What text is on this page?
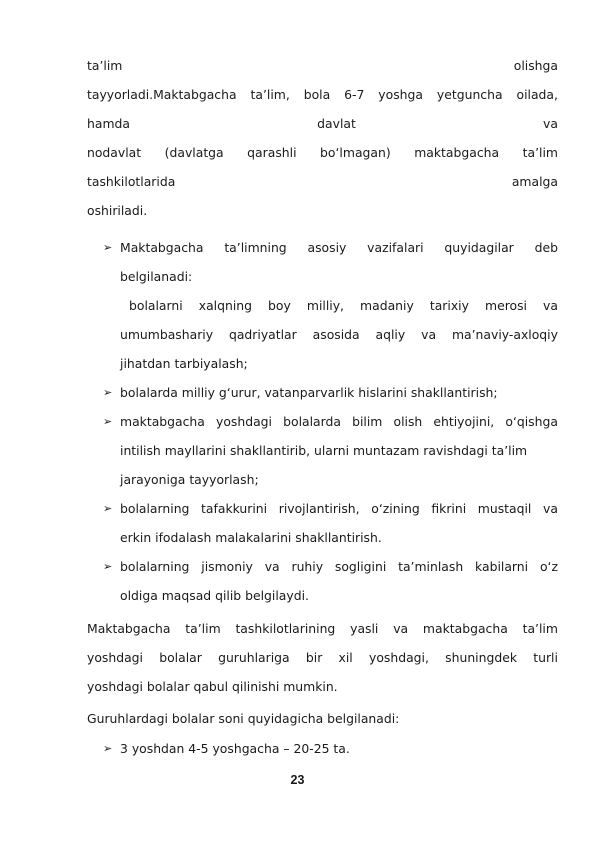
ta’lim	olishga
tayyorladi.Maktabgacha ta’lim, bola 6-7 yoshga yetguncha oilada,
hamda	davlat	va
nodavlat (davlatga qarashli bo‘lmagan) maktabgacha ta’lim
tashkilotlarida	amalga
oshiriladi.
➢ Maktabgacha ta’limning asosiy vazifalari quyidagilar deb
belgilanadi:
bolalarni xalqning boy milliy, madaniy tarixiy merosi va
umumbashariy qadriyatlar asosida aqliy va ma’naviy-axloqiy
jihatdan tarbiyalash;
➢ bolalarda milliy g‘urur, vatanparvarlik hislarini shakllantirish;
➢ maktabgacha yoshdagi bolalarda bilim olish ehtiyojini, o‘qishga
intilish mayllarini shakllantirib, ularni muntazam ravishdagi ta’lim
jarayoniga tayyorlash;
➢ bolalarning tafakkurini rivojlantirish, o‘zining fikrini mustaqil va
erkin ifodalash malakalarini shakllantirish.
➢ bolalarning jismoniy va ruhiy sogligini ta’minlash kabilarni o‘z
oldiga maqsad qilib belgilaydi.
Maktabgacha ta’lim tashkilotlarining yasli va maktabgacha ta’lim
yoshdagi bolalar guruhlariga bir xil yoshdagi, shuningdek turli
yoshdagi bolalar qabul qilinishi mumkin.
Guruhlardagi bolalar soni quyidagicha belgilanadi:
23
➢ 3 yoshdan 4-5 yoshgacha – 20-25 ta.
